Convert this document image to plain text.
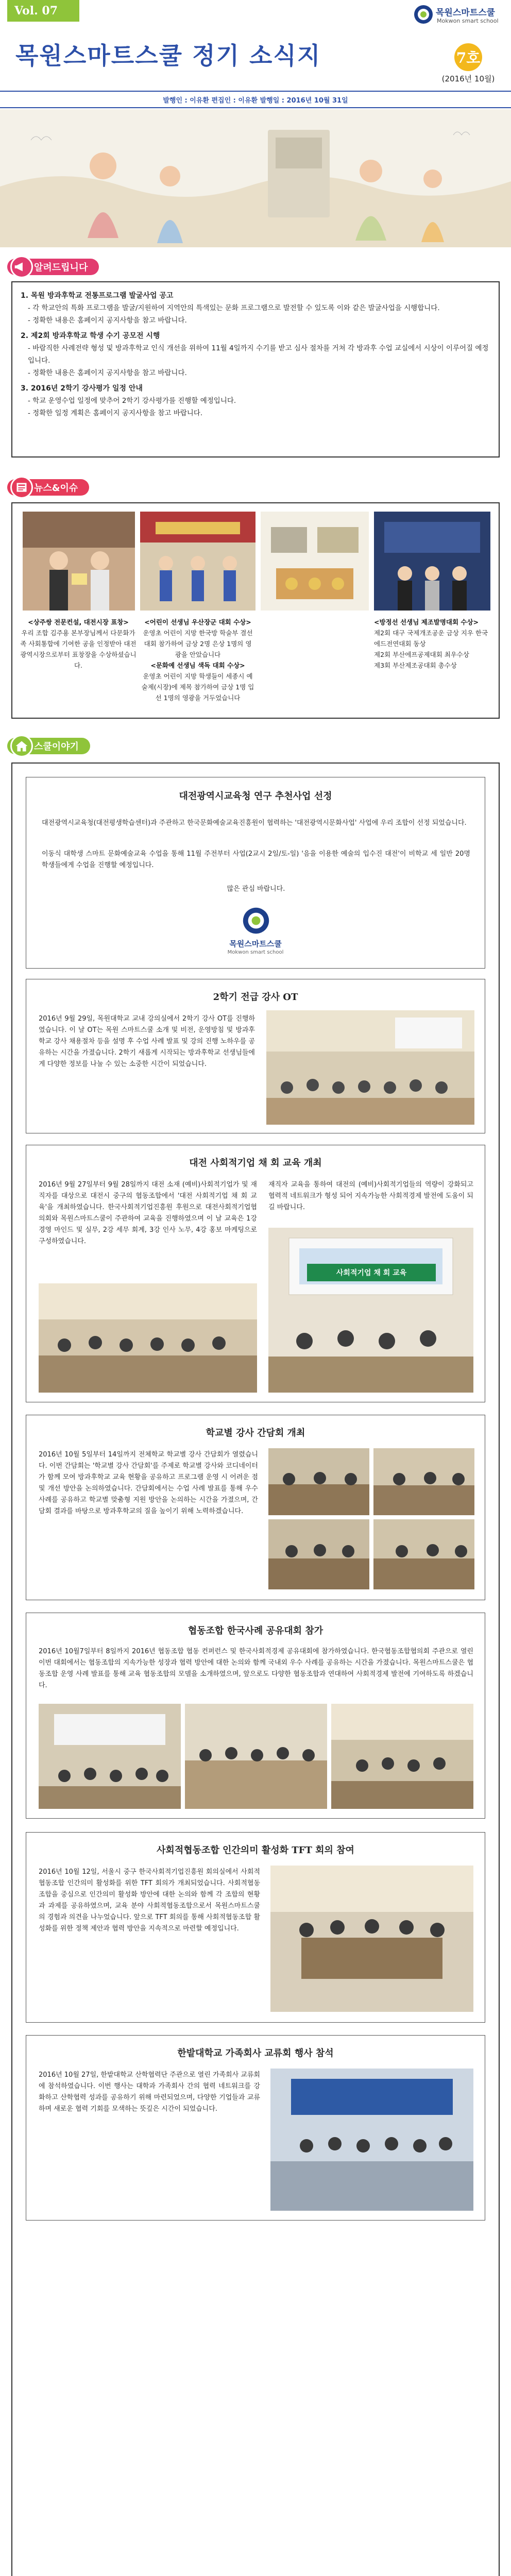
Vol. 07	목원스마트스쿨
Mokwon smart school
목원스마트스쿨 정기 소식지	7호
(2016년 10월)
발행인 : 이유환 편집인 : 이유환 발행일 : 2016년 10월 31일
알려드립니다
1. 목원 방과후학교 전통프로그램 발굴사업 공고

- 각 학교안의 특화 프로그램을 발굴/지원하여 지역안의 특색있는 문화 프로그램으로 발전할 수 있도록 이와 같은 발굴사업을 시행합니다.

- 정확한 내용은 홈페이지 공지사항을 참고 바랍니다.

2. 제2회 방과후학교 학생 수기 공모전 시행

- 바람직한 사례전략 형성 및 방과후학교 인식 개선을 위하여 11월 4일까지 수기를 받고 심사 절차를 거쳐 각 방과후 수업 교실에서 시상이 이루어질 예정입니다.

- 정확한 내용은 홈페이지 공지사항을 참고 바랍니다.

3. 2016년 2학기 강사평가 일정 안내

- 학교 운영수업 일정에 맞추어 2학기 강사평가를 진행할 예정입니다.

- 정확한 일정 계획은 홈페이지 공지사항을 참고 바랍니다.

뉴스&이슈
<상주쌍 전문컨설, 대전시장 표창>
우리 조합 김주용 본부장님께서 다문화가족 사회통합에 기여한 공을 인정받아 대전광역시장으로부터 표창장을 수상하셨습니다.
<어린이 선생님 우산장군 대회 수상>
운영초 어린이 지망 한국방 학술부 결선대회 참가하여 금상 2명 은상 1명의 영광을 안았습니다
<문화예 선생님 색독 대회 수상>
운영초 어린이 지망 학생들이 세종시 예술제(시장)에 제목 참가하여 금상 1명 입선 1명의 영광을 거두었습니다
<방정선 선생님 제조발명대회 수상>
제2회 대구 국제개조공운 금상 지우 한국에드전연대회 동상
제2회 부산에프공제대회 최우수상
제3회 부산제조공대회 총수상
스쿨이야기
대전광역시교육청 연구 추천사업 선정
대전광역시교육청(대전평생학습센터)과 주관하고 한국문화예술교육진흥원이 협력하는 '대전광역시문화사업' 사업에 우리 조합이 선정 되었습니다.
이동식 대학생 스마트 문화예술교육 수업을 통해 11월 주전부터 사업(2교시 2일/토-일) '음을 이용한 예술의 입수진 대전'이 비학교 세 일반 20명 학생들에게 수업을 진행할 예정입니다.
많은 관심 바랍니다.
목원스마트스쿨
Mokwon smart school
2학기 전급 강사 OT
2016년 9월 29일, 목원대학교 교내 강의실에서 2학기 강사 OT를 진행하였습니다. 이 날 OT는 목원 스마트스쿨 소개 및 비전, 운영방침 및 방과후학교 강사 채용절차 등을 설명 후 수업 사례 발표 및 강의 진행 노하우를 공유하는 시간을 가졌습니다. 2학기 새롭게 시작되는 방과후학교 선생님들에게 다양한 정보를 나눌 수 있는 소중한 시간이 되었습니다.
대전 사회적기업 채 회 교육 개최
2016년 9월 27일부터 9월 28일까지 대전 소재 (예비)사회적기업가 및 재직자를 대상으로 대전시 중구의 협동조합에서 '대전 사회적기업 채 회 교육'을 개최하였습니다. 한국사회적기업진흥원 후원으로 대전사회적기업협의회와 목원스마트스쿨이 주관하여 교육을 진행하였으며 이 날 교육은 1강 경영 마인드 및 실무, 2강 세무 회계, 3강 인사 노무, 4강 홍보 마케팅으로 구성하였습니다.
재직자 교육을 통하여 대전의 (예비)사회적기업들의 역량이 강화되고 협력적 네트워크가 형성 되어 지속가능한 사회적경제 발전에 도움이 되길 바랍니다.
사회적기업 채 회 교육
학교별 강사 간담회 개최
2016년 10월 5일부터 14일까지 전체학교 학교별 강사 간담회가 열렸습니다. 이번 간담회는 '학교별 강사 간담회'를 주제로 학교별 강사와 코디네이터가 함께 모여 방과후학교 교육 현황을 공유하고 프로그램 운영 시 어려운 점 및 개선 방안을 논의하였습니다. 간담회에서는 수업 사례 발표를 통해 우수 사례를 공유하고 학교별 맞춤형 지원 방안을 논의하는 시간을 가졌으며, 간담회 결과를 바탕으로 방과후학교의 질을 높이기 위해 노력하겠습니다.
협동조합 한국사례 공유대회 참가
2016년 10월7일부터 8일까지 2016년 협동조합 협동 컨퍼런스 및 한국사회적경제 공유대회에 참가하였습니다. 한국협동조합협의회 주관으로 열린 이번 대회에서는 협동조합의 지속가능한 성장과 협력 방안에 대한 논의와 함께 국내외 우수 사례를 공유하는 시간을 가졌습니다. 목원스마트스쿨은 협동조합 운영 사례 발표를 통해 교육 협동조합의 모델을 소개하였으며, 앞으로도 다양한 협동조합과 연대하여 사회적경제 발전에 기여하도록 하겠습니다.
사회적협동조합 인간의미 활성화 TFT 회의 참여
2016년 10월 12일, 서울시 중구 한국사회적기업진흥원 회의실에서 사회적협동조합 인간의미 활성화를 위한 TFT 회의가 개최되었습니다. 사회적협동조합을 중심으로 인간의미 활성화 방안에 대한 논의와 함께 각 조합의 현황과 과제를 공유하였으며, 교육 분야 사회적협동조합으로서 목원스마트스쿨의 경험과 의견을 나누었습니다. 앞으로 TFT 회의를 통해 사회적협동조합 활성화를 위한 정책 제안과 협력 방안을 지속적으로 마련할 예정입니다.
한밭대학교 가족회사 교류회 행사 참석
2016년 10월 27일, 한밭대학교 산학협력단 주관으로 열린 가족회사 교류회에 참석하였습니다. 이번 행사는 대학과 가족회사 간의 협력 네트워크를 강화하고 산학협력 성과를 공유하기 위해 마련되었으며, 다양한 기업들과 교류하며 새로운 협력 기회를 모색하는 뜻깊은 시간이 되었습니다.
